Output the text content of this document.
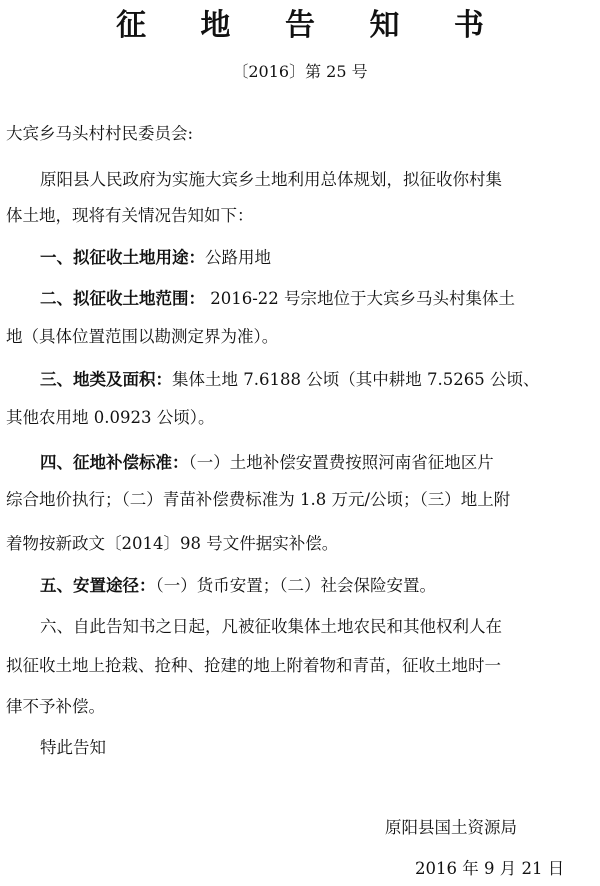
征 地 告 知 书
〔2016〕第 25 号
大宾乡马头村村民委员会:
原阳县人民政府为实施大宾乡土地利用总体规划，拟征收你村集
体土地，现将有关情况告知如下：
一、拟征收土地用途：公路用地
二、拟征收土地范围： 2016-22 号宗地位于大宾乡马头村集体土
地（具体位置范围以勘测定界为准）。
三、地类及面积：集体土地 7.6188 公顷（其中耕地 7.5265 公顷、
其他农用地 0.0923 公顷）。
四、征地补偿标准：（一）土地补偿安置费按照河南省征地区片
综合地价执行；（二）青苗补偿费标准为 1.8 万元/公顷；（三）地上附
着物按新政文〔2014〕98 号文件据实补偿。
五、安置途径：（一）货币安置；（二）社会保险安置。
六、自此告知书之日起，凡被征收集体土地农民和其他权利人在
拟征收土地上抢栽、抢种、抢建的地上附着物和青苗，征收土地时一
律不予补偿。
特此告知
原阳县国土资源局
2016 年 9 月 21 日
